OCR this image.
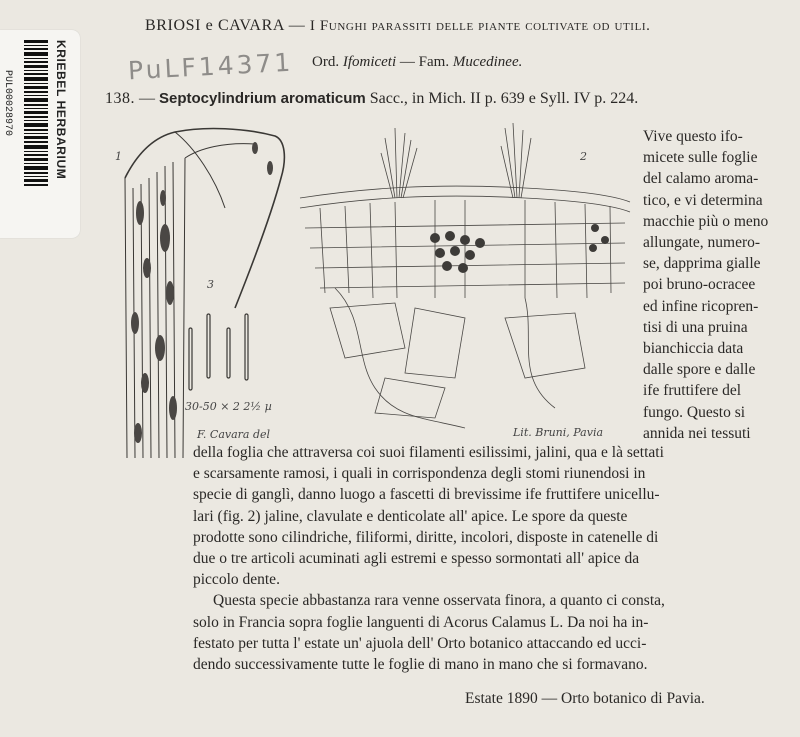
KRIEBEL HERBARIUM
PUL00028970
BRIOSI e CAVARA — I Funghi parassiti delle piante coltivate od utili.
PuLF14371 Ord. Ifomiceti — Fam. Mucedinee.
138. — Septocylindrium aromaticum Sacc., in Mich. II p. 639 e Syll. IV p. 224.
1	2
3
30-50 × 2 2½ µ
F. Cavara del	Lit. Bruni, Pavia
Vive questo ifo-
micete sulle foglie
del calamo aroma-
tico, e vi determina
macchie più o meno
allungate, numero-
se, dapprima gialle
poi bruno-ocracee
ed infine ricopren-
tisi di una pruina
bianchiccia data
dalle spore e dalle
ife fruttifere del
fungo. Questo si
annida nei tessuti
della foglia che attraversa coi suoi filamenti esilissimi, jalini, qua e là settati
e scarsamente ramosi, i quali in corrispondenza degli stomi riunendosi in
specie di ganglì, danno luogo a fascetti di brevissime ife fruttifere unicellu-
lari (fig. 2) jaline, clavulate e denticolate all' apice. Le spore da queste
prodotte sono cilindriche, filiformi, diritte, incolori, disposte in catenelle di
due o tre articoli acuminati agli estremi e spesso sormontati all' apice da
piccolo dente.
Questa specie abbastanza rara venne osservata finora, a quanto ci consta,
solo in Francia sopra foglie languenti di Acorus Calamus L. Da noi ha in-
festato per tutta l' estate un' ajuola dell' Orto botanico attaccando ed ucci-
dendo successivamente tutte le foglie di mano in mano che si formavano.
Estate 1890 — Orto botanico di Pavia.
